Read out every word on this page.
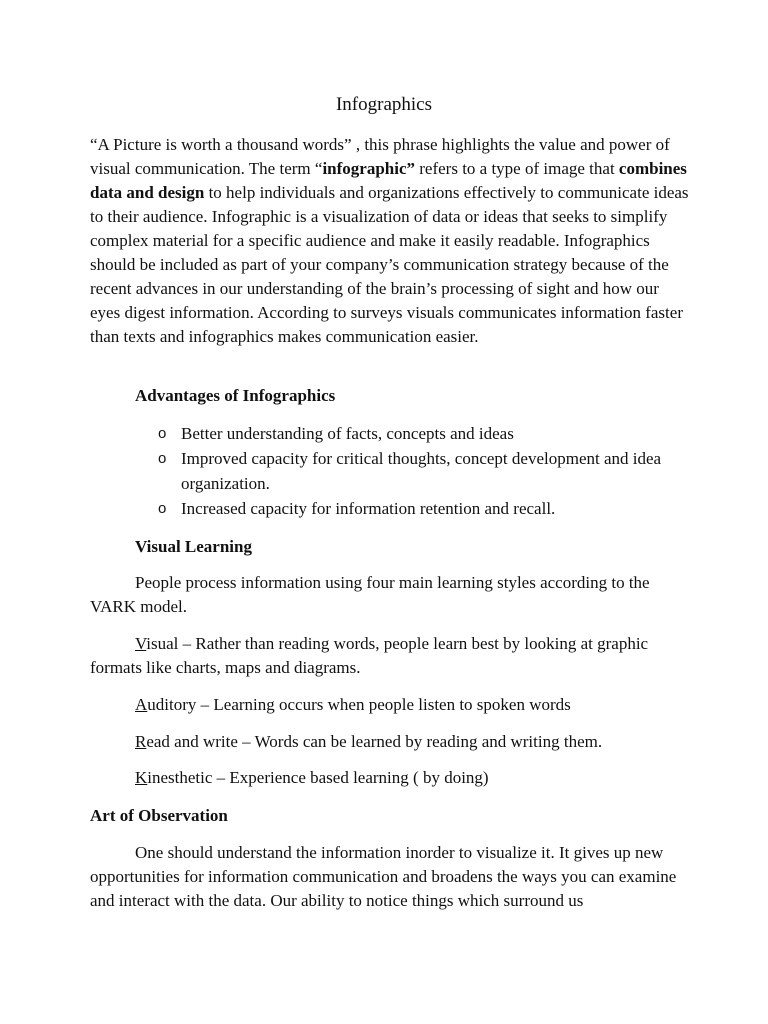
Infographics
“A Picture is worth a thousand words” , this phrase highlights the value and power of visual communication. The term “infographic” refers to a type of image that combines data and design to help individuals and organizations effectively to communicate ideas to their audience. Infographic is a visualization of data or ideas that seeks to simplify complex material for a specific audience and make it easily readable. Infographics should be included as part of your company’s communication strategy because of the recent advances in our understanding of the brain’s processing of sight and how our eyes digest information. According to surveys visuals communicates information faster than texts and infographics makes communication easier.
Advantages of Infographics
o Better understanding of facts, concepts and ideas
o Improved capacity for critical thoughts, concept development and idea organization.
o Increased capacity for information retention and recall.
Visual Learning
People process information using four main learning styles according to the VARK model.
Visual – Rather than reading words, people learn best by looking at graphic formats like charts, maps and diagrams.
Auditory – Learning occurs when people listen to spoken words
Read and write – Words can be learned by reading and writing them.
Kinesthetic – Experience based learning ( by doing)
Art of Observation
One should understand the information inorder to visualize it. It gives up new opportunities for information communication and broadens the ways you can examine and interact with the data. Our ability to notice things which surround us
